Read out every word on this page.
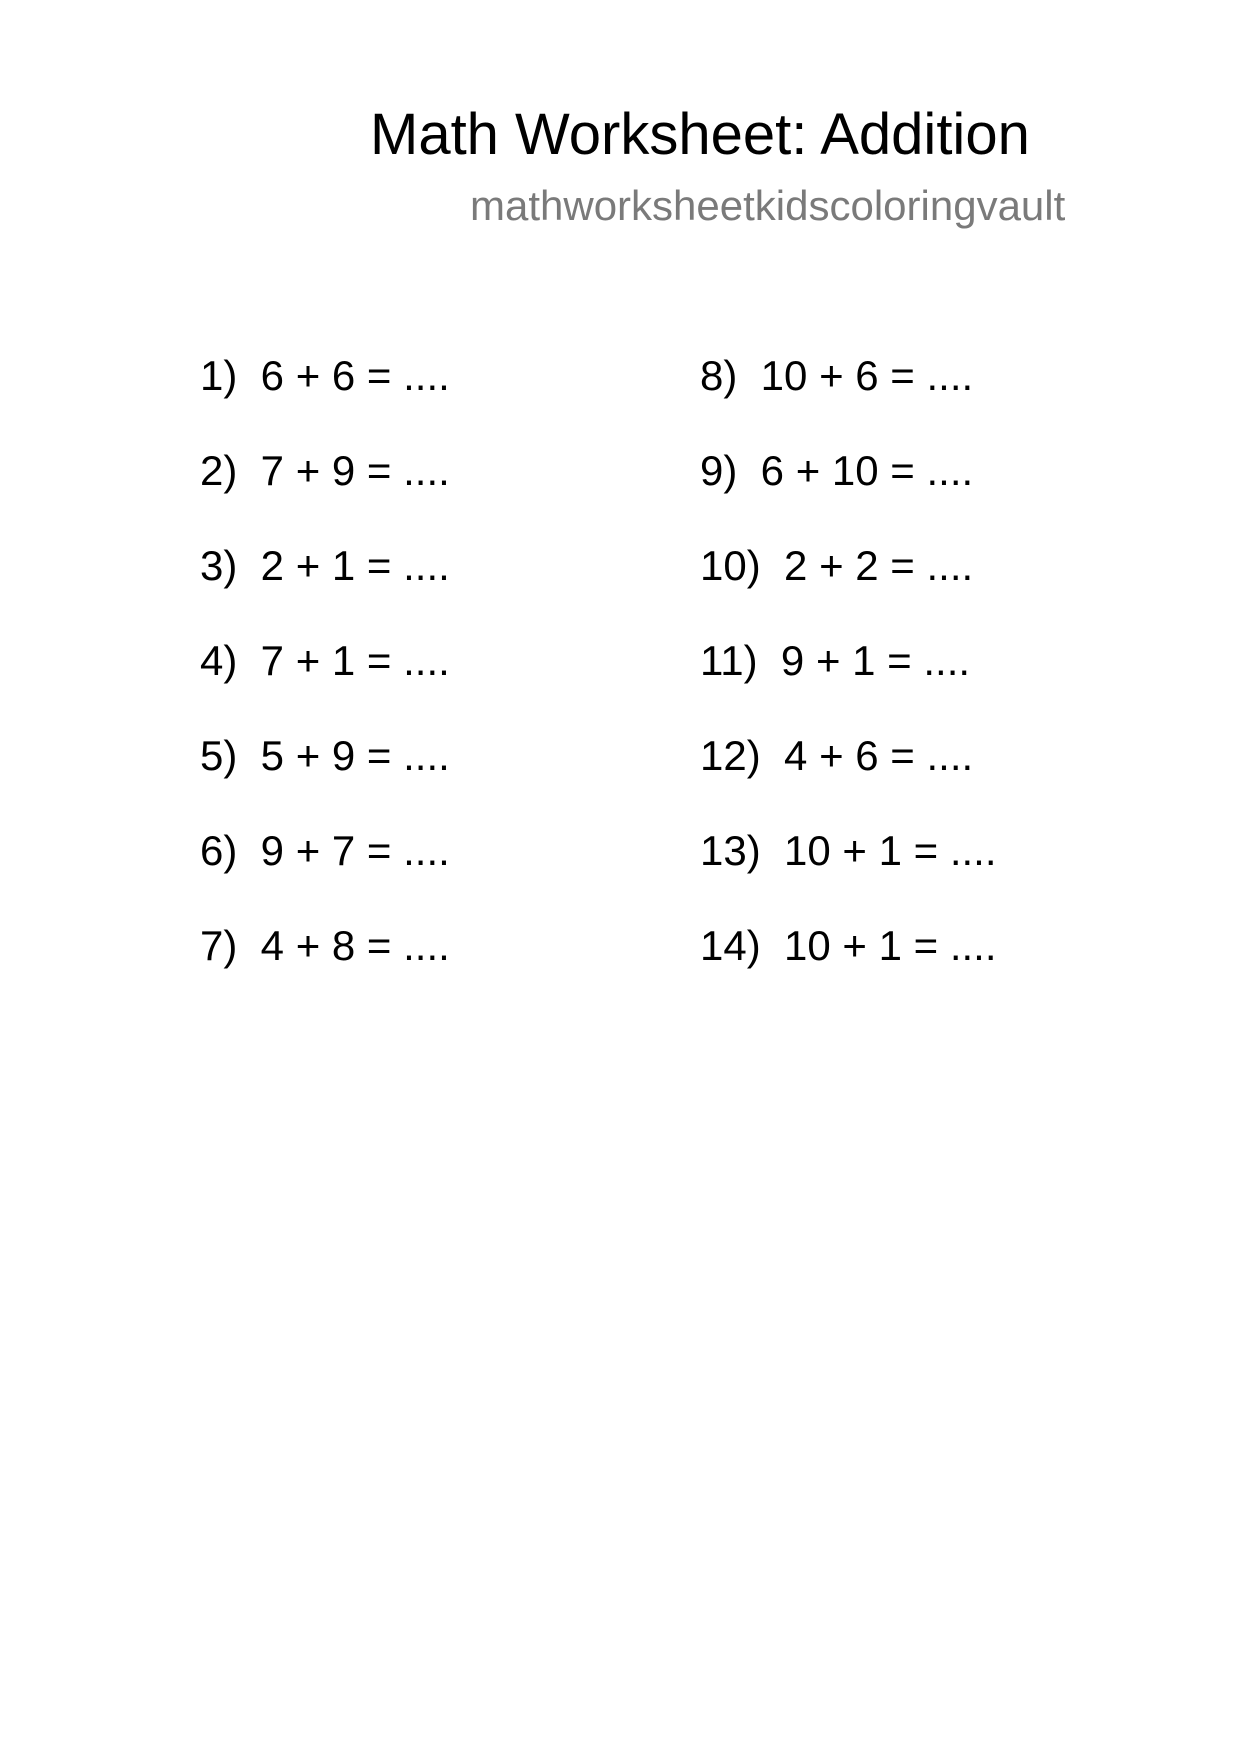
Math Worksheet: Addition
mathworksheetkidscoloringvault
1)  6 + 6 = ....
2)  7 + 9 = ....
3)  2 + 1 = ....
4)  7 + 1 = ....
5)  5 + 9 = ....
6)  9 + 7 = ....
7)  4 + 8 = ....
8)  10 + 6 = ....
9)  6 + 10 = ....
10)  2 + 2 = ....
11)  9 + 1 = ....
12)  4 + 6 = ....
13)  10 + 1 = ....
14)  10 + 1 = ....
